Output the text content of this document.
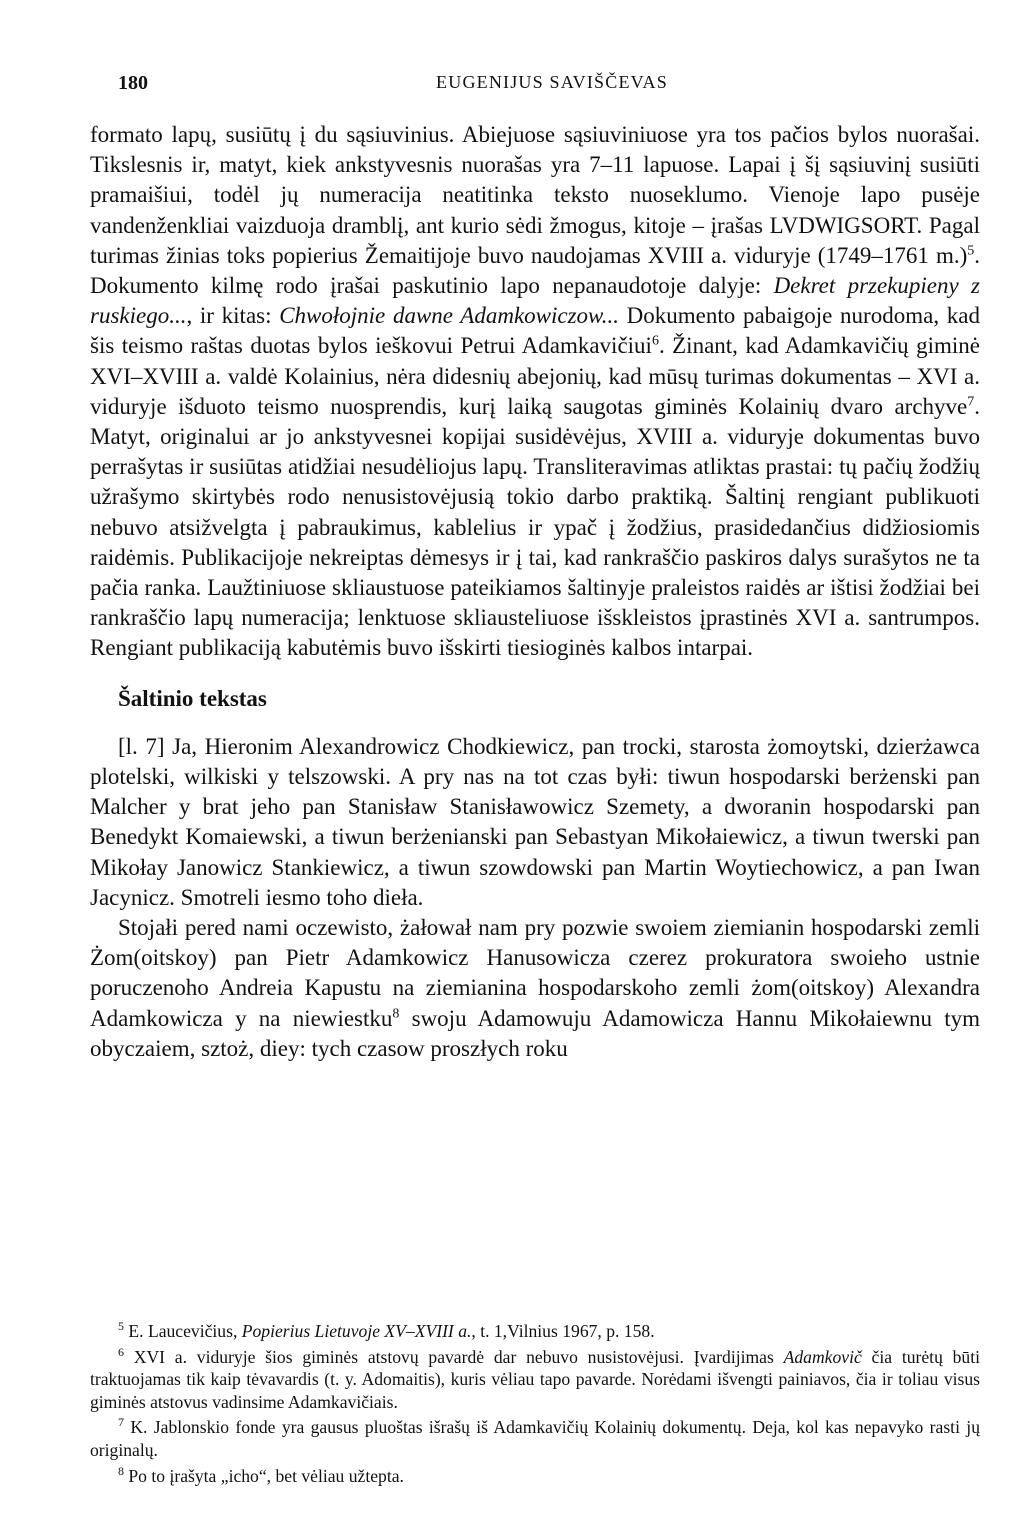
180	EUGENIJUS SAVIŠČEVAS

formato lapų, susiūtų į du sąsiuvinius. Abiejuose sąsiuviniuose yra tos pačios bylos nuorašai. Tikslesnis ir, matyt, kiek ankstyvesnis nuorašas yra 7–11 lapuose. Lapai į šį sąsiuvinį susiūti pramaišiui, todėl jų numeracija neatitinka teksto nuoseklumo. Vienoje lapo pusėje vandenženkliai vaizduoja dramblį, ant kurio sėdi žmogus, kitoje – įrašas LVDWIGSORT. Pagal turimas žinias toks popierius Žemaitijoje buvo naudojamas XVIII a. viduryje (1749–1761 m.)$^5$. Dokumento kilmę rodo įrašai paskutinio lapo nepanaudotoje dalyje: Dekret przekupieny z ruskiego..., ir kitas: Chwołojnie dawne Adamkowiczow... Dokumento pabaigoje nurodoma, kad šis teismo raštas duotas bylos ieškovui Petrui Adamkavičiui$^6$. Žinant, kad Adamkavičių giminė XVI–XVIII a. valdė Kolainius, nėra didesnių abejonių, kad mūsų turimas dokumentas – XVI a. viduryje išduoto teismo nuosprendis, kurį laiką saugotas giminės Kolainių dvaro archyve$^7$. Matyt, originalui ar jo ankstyvesnei kopijai susidėvėjus, XVIII a. viduryje dokumentas buvo perrašytas ir susiūtas atidžiai nesudėliojus lapų. Transliteravimas atliktas prastai: tų pačių žodžių užrašymo skirtybės rodo nenusistovėjusią tokio darbo praktiką. Šaltinį rengiant publikuoti nebuvo atsižvelgta į pabraukimus, kablelius ir ypač į žodžius, prasidedančius didžiosiomis raidėmis. Publikacijoje nekreiptas dėmesys ir į tai, kad rankraščio paskiros dalys surašytos ne ta pačia ranka. Laužtiniuose skliaustuose pateikiamos šaltinyje praleistos raidės ar ištisi žodžiai bei rankraščio lapų numeracija; lenktuose skliausteliuose išskleistos įprastinės XVI a. santrumpos. Rengiant publikaciją kabutėmis buvo išskirti tiesioginės kalbos intarpai.

Šaltinio tekstas

[l. 7] Ja, Hieronim Alexandrowicz Chodkiewicz, pan trocki, starosta żomoytski, dzierżawca plotelski, wilkiski y telszowski. A pry nas na tot czas byłi: tiwun hospodarski berżenski pan Malcher y brat jeho pan Stanisław Stanisławowicz Szemety, a dworanin hospodarski pan Benedykt Komaiewski, a tiwun berżenianski pan Sebastyan Mikołaiewicz, a tiwun twerski pan Mikołay Janowicz Stankiewicz, a tiwun szowdowski pan Martin Woytiechowicz, a pan Iwan Jacynicz. Smotreli iesmo toho dieła.

Stojałi pered nami oczewisto, żałował nam pry pozwie swoiem ziemianin hospodarski zemli Żom(oitskoy) pan Pietr Adamkowicz Hanusowicza czerez prokuratora swoieho ustnie poruczenoho Andreia Kapustu na ziemianina hospodarskoho zemli żom(oitskoy) Alexandra Adamkowicza y na niewiestku$^8$ swoju Adamowuju Adamowicza Hannu Mikołaiewnu tym obyczaiem, sztoż, diey: tych czasow proszłych roku

$^5$ E. Laucevičius, Popierius Lietuvoje XV–XVIII a., t. 1,Vilnius 1967, p. 158.

$^6$ XVI a. viduryje šios giminės atstovų pavardė dar nebuvo nusistovėjusi. Įvardijimas Adamkovič čia turėtų būti traktuojamas tik kaip tėvavardis (t. y. Adomaitis), kuris vėliau tapo pavarde. Norėdami išvengti painiavos, čia ir toliau visus giminės atstovus vadinsime Adamkavičiais.

$^7$ K. Jablonskio fonde yra gausus pluoštas išrašų iš Adamkavičių Kolainių dokumentų. Deja, kol kas nepavyko rasti jų originalų.

$^8$ Po to įrašyta „icho“, bet vėliau užtepta.
